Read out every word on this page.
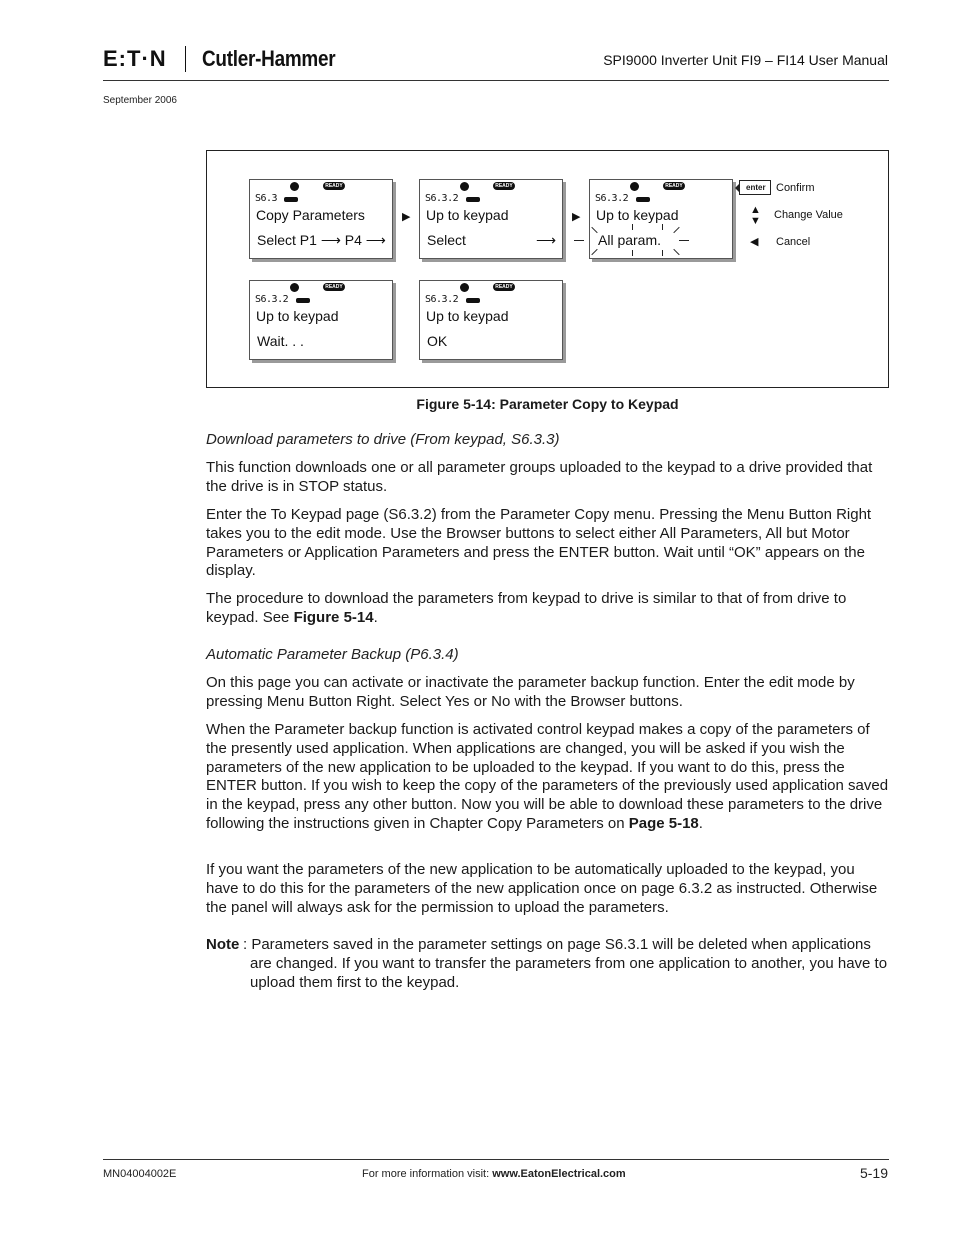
E:T·N Cutler-Hammer	SPI9000 Inverter Unit FI9 – FI14 User Manual
September 2006
READY
S6.3
Copy Parameters
Select P1 ⟶ P4 ⟶
▶
READY
S6.3.2
Up to keypad
Select	⟶
▶
READY
S6.3.2
Up to keypad
All param.
enter Confirm
▲
▼ Change Value
◀ Cancel
READY
S6.3.2
Up to keypad
Wait. . .
READY
S6.3.2
Up to keypad
OK
Figure 5-14: Parameter Copy to Keypad
Download parameters to drive (From keypad, S6.3.3)

This function downloads one or all parameter groups uploaded to the keypad to a drive provided that the drive is in STOP status.

Enter the To Keypad page (S6.3.2) from the Parameter Copy menu. Pressing the Menu Button Right takes you to the edit mode. Use the Browser buttons to select either All Parameters, All but Motor Parameters or Application Parameters and press the ENTER button. Wait until “OK” appears on the display.

The procedure to download the parameters from keypad to drive is similar to that of from drive to keypad. See Figure 5-14.

Automatic Parameter Backup (P6.3.4)

On this page you can activate or inactivate the parameter backup function. Enter the edit mode by pressing Menu Button Right. Select Yes or No with the Browser buttons.

When the Parameter backup function is activated control keypad makes a copy of the parameters of the presently used application. When applications are changed, you will be asked if you wish the parameters of the new application to be uploaded to the keypad. If you want to do this, press the ENTER button. If you wish to keep the copy of the parameters of the previously used application saved in the keypad, press any other button. Now you will be able to download these parameters to the drive following the instructions given in Chapter Copy Parameters on Page 5-18.

If you want the parameters of the new application to be automatically uploaded to the keypad, you have to do this for the parameters of the new application once on page 6.3.2 as instructed. Otherwise the panel will always ask for the permission to upload the parameters.

Note : Parameters saved in the parameter settings on page S6.3.1 will be deleted when applications are changed. If you want to transfer the parameters from one application to another, you have to upload them first to the keypad.

MN04004002E	For more information visit: www.EatonElectrical.com	5-19
